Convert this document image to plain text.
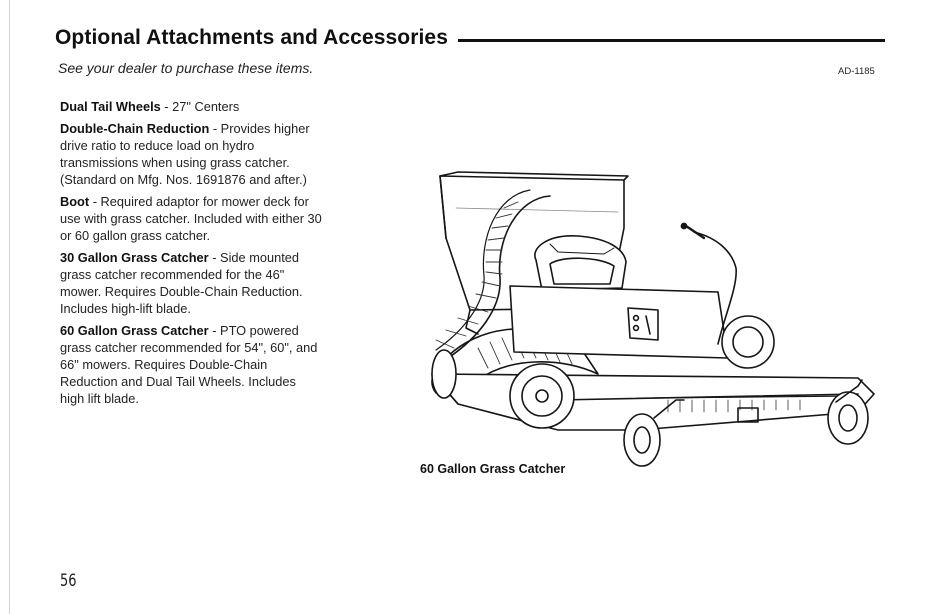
Optional Attachments and Accessories
See your dealer to purchase these items.	AD-1185

Dual Tail Wheels - 27" Centers

Double-Chain Reduction - Provides higher drive ratio to reduce load on hydro transmissions when using grass catcher. (Standard on Mfg. Nos. 1691876 and after.)

Boot - Required adaptor for mower deck for use with grass catcher. Included with either 30 or 60 gallon grass catcher.

30 Gallon Grass Catcher - Side mounted grass catcher recommended for the 46" mower. Requires Double-Chain Reduction. Includes high-lift blade.

60 Gallon Grass Catcher - PTO powered grass catcher recommended for 54", 60", and 66" mowers. Requires Double-Chain Reduction and Dual Tail Wheels. Includes high lift blade.

60 Gallon Grass Catcher
56
